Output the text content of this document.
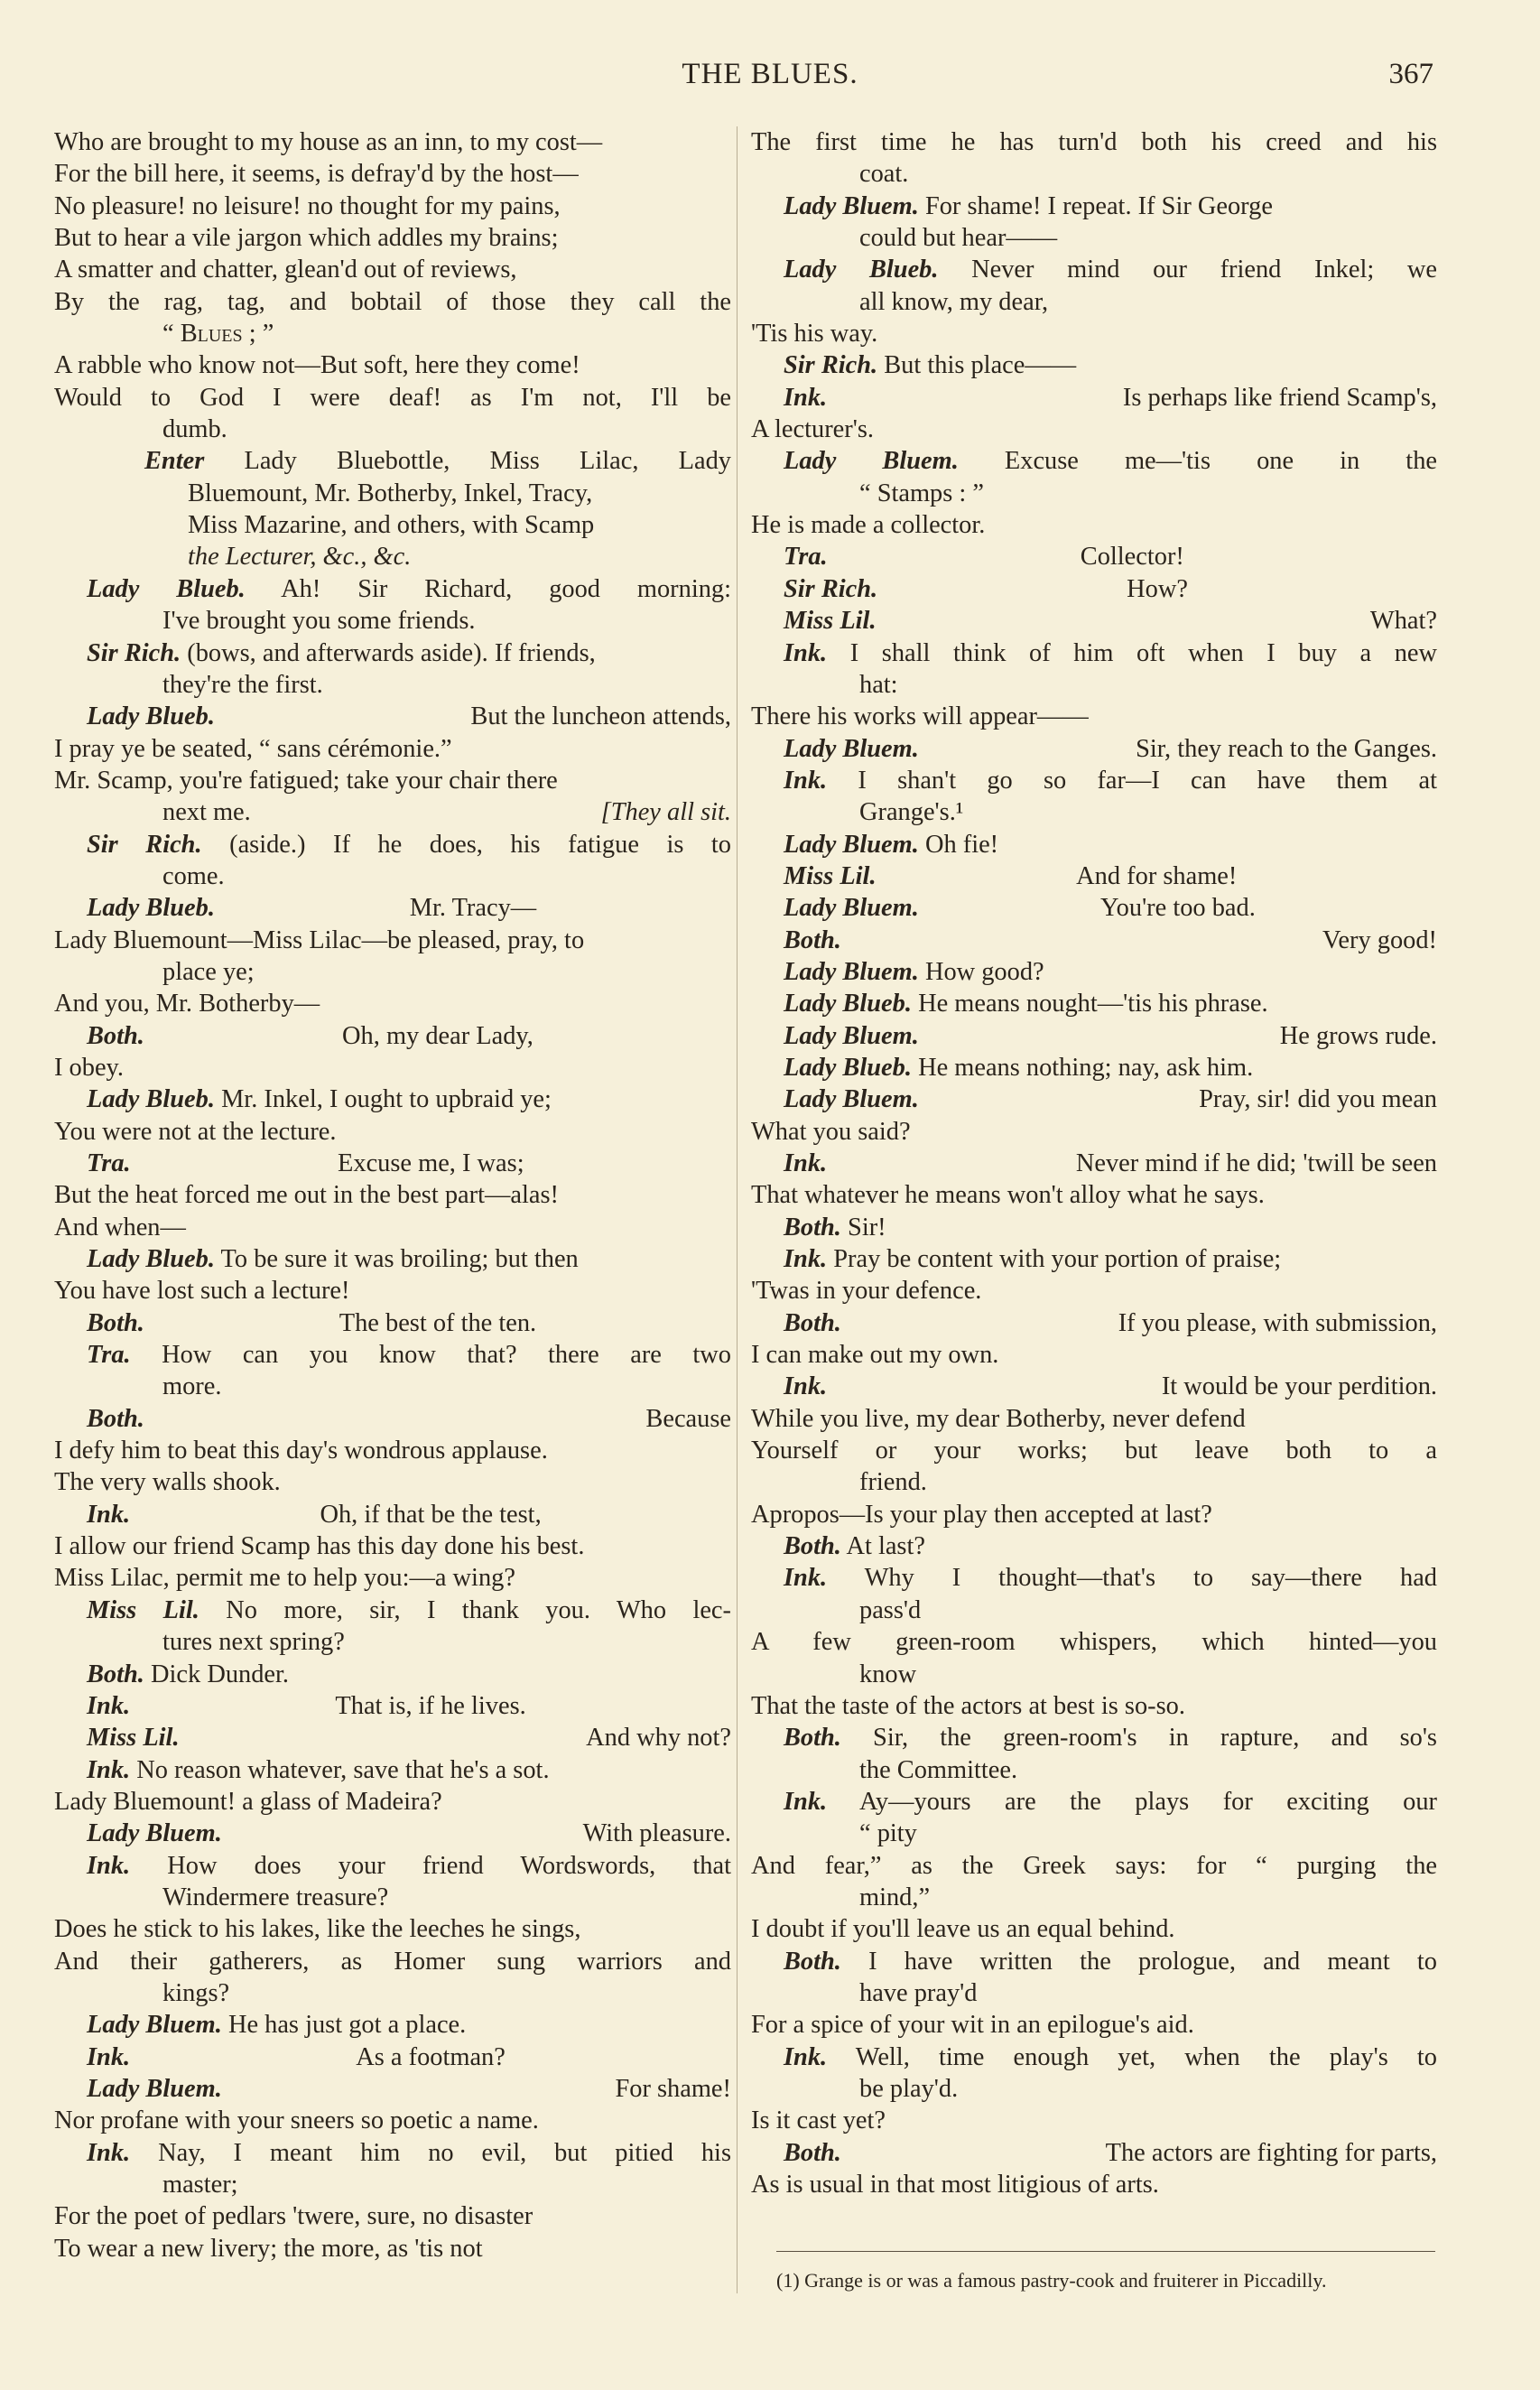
THE BLUES.	367
Who are brought to my house as an inn, to my cost—
For the bill here, it seems, is defray'd by the host—
No pleasure! no leisure! no thought for my pains,
But to hear a vile jargon which addles my brains;
A smatter and chatter, glean'd out of reviews,
By the rag, tag, and bobtail of those they call the
“ Blues ; ”
A rabble who know not—But soft, here they come!
Would to God I were deaf! as I'm not, I'll be
dumb.
Enter Lady Bluebottle, Miss Lilac, Lady
Bluemount, Mr. Botherby, Inkel, Tracy,
Miss Mazarine, and others, with Scamp
the Lecturer, &c., &c.
Lady Blueb. Ah! Sir Richard, good morning:
I've brought you some friends.
Sir Rich. (bows, and afterwards aside). If friends,
they're the first.
Lady Blueb.	But the luncheon attends,
I pray ye be seated, “ sans cérémonie.”
Mr. Scamp, you're fatigued; take your chair there
next me.	[They all sit.
Sir Rich. (aside.) If he does, his fatigue is to
come.
Lady Blueb.	Mr. Tracy—
Lady Bluemount—Miss Lilac—be pleased, pray, to
place ye;
And you, Mr. Botherby—
Both.	Oh, my dear Lady,
I obey.
Lady Blueb. Mr. Inkel, I ought to upbraid ye;
You were not at the lecture.
Tra.	Excuse me, I was;
But the heat forced me out in the best part—alas!
And when—
Lady Blueb. To be sure it was broiling; but then
You have lost such a lecture!
Both.	The best of the ten.
Tra. How can you know that? there are two
more.
Both.	Because
I defy him to beat this day's wondrous applause.
The very walls shook.
Ink.	Oh, if that be the test,
I allow our friend Scamp has this day done his best.
Miss Lilac, permit me to help you:—a wing?
Miss Lil. No more, sir, I thank you. Who lec-
tures next spring?
Both. Dick Dunder.
Ink.	That is, if he lives.
Miss Lil.	And why not?
Ink. No reason whatever, save that he's a sot.
Lady Bluemount! a glass of Madeira?
Lady Bluem.	With pleasure.
Ink. How does your friend Wordswords, that
Windermere treasure?
Does he stick to his lakes, like the leeches he sings,
And their gatherers, as Homer sung warriors and
kings?
Lady Bluem. He has just got a place.
Ink.	As a footman?
Lady Bluem.	For shame!
Nor profane with your sneers so poetic a name.
Ink. Nay, I meant him no evil, but pitied his
master;
For the poet of pedlars 'twere, sure, no disaster
To wear a new livery; the more, as 'tis not
The first time he has turn'd both his creed and his
coat.
Lady Bluem. For shame! I repeat. If Sir George
could but hear——
Lady Blueb. Never mind our friend Inkel; we
all know, my dear,
'Tis his way.
Sir Rich. But this place——
Ink.	Is perhaps like friend Scamp's,
A lecturer's.
Lady Bluem. Excuse me—'tis one in the
“ Stamps : ”
He is made a collector.
Tra.	Collector!
Sir Rich.	How?
Miss Lil.	What?
Ink. I shall think of him oft when I buy a new
hat:
There his works will appear——
Lady Bluem.	Sir, they reach to the Ganges.
Ink. I shan't go so far—I can have them at
Grange's.¹
Lady Bluem. Oh fie!
Miss Lil.	And for shame!
Lady Bluem.	You're too bad.
Both.	Very good!
Lady Bluem. How good?
Lady Blueb. He means nought—'tis his phrase.
Lady Bluem.	He grows rude.
Lady Blueb. He means nothing; nay, ask him.
Lady Bluem.	Pray, sir! did you mean
What you said?
Ink.	Never mind if he did; 'twill be seen
That whatever he means won't alloy what he says.
Both. Sir!
Ink. Pray be content with your portion of praise;
'Twas in your defence.
Both.	If you please, with submission,
I can make out my own.
Ink.	It would be your perdition.
While you live, my dear Botherby, never defend
Yourself or your works; but leave both to a
friend.
Apropos—Is your play then accepted at last?
Both. At last?
Ink. Why I thought—that's to say—there had
pass'd
A few green-room whispers, which hinted—you
know
That the taste of the actors at best is so-so.
Both. Sir, the green-room's in rapture, and so's
the Committee.
Ink. Ay—yours are the plays for exciting our
“ pity
And fear,” as the Greek says: for “ purging the
mind,”
I doubt if you'll leave us an equal behind.
Both. I have written the prologue, and meant to
have pray'd
For a spice of your wit in an epilogue's aid.
Ink. Well, time enough yet, when the play's to
be play'd.
Is it cast yet?
Both.	The actors are fighting for parts,
As is usual in that most litigious of arts.
(1) Grange is or was a famous pastry-cook and fruiterer in Piccadilly.
